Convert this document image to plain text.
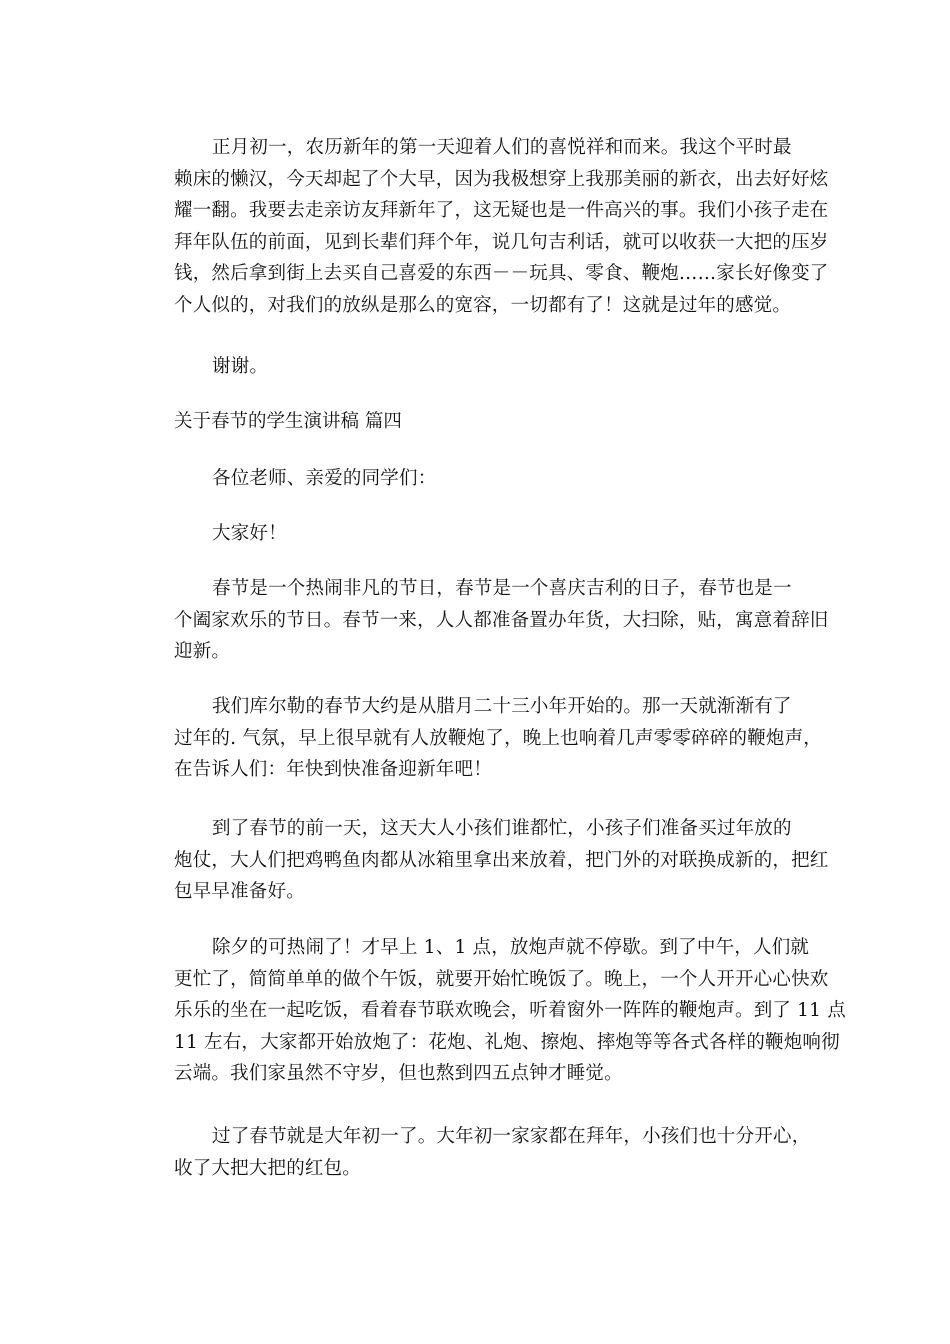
正月初一，农历新年的第一天迎着人们的喜悦祥和而来。我这个平时最
赖床的懒汉，今天却起了个大早，因为我极想穿上我那美丽的新衣，出去好好炫
耀一翻。我要去走亲访友拜新年了，这无疑也是一件高兴的事。我们小孩子走在
拜年队伍的前面，见到长辈们拜个年，说几句吉利话，就可以收获一大把的压岁
钱，然后拿到街上去买自己喜爱的东西－－玩具、零食、鞭炮……家长好像变了
个人似的，对我们的放纵是那么的宽容，一切都有了！这就是过年的感觉。
谢谢。
关于春节的学生演讲稿 篇四
各位老师、亲爱的同学们：
大家好！
春节是一个热闹非凡的节日，春节是一个喜庆吉利的日子，春节也是一
个阖家欢乐的节日。春节一来，人人都准备置办年货，大扫除，贴，寓意着辞旧
迎新。
我们库尔勒的春节大约是从腊月二十三小年开始的。那一天就渐渐有了
过年的. 气氛，早上很早就有人放鞭炮了，晚上也响着几声零零碎碎的鞭炮声，
在告诉人们：年快到快准备迎新年吧！
到了春节的前一天，这天大人小孩们谁都忙，小孩子们准备买过年放的
炮仗，大人们把鸡鸭鱼肉都从冰箱里拿出来放着，把门外的对联换成新的，把红
包早早准备好。
除夕的可热闹了！才早上 1、1 点，放炮声就不停歇。到了中午，人们就
更忙了，简简单单的做个午饭，就要开始忙晚饭了。晚上，一个人开开心心快欢
乐乐的坐在一起吃饭，看着春节联欢晚会，听着窗外一阵阵的鞭炮声。到了 11 点
11 左右，大家都开始放炮了：花炮、礼炮、擦炮、摔炮等等各式各样的鞭炮响彻
云端。我们家虽然不守岁，但也熬到四五点钟才睡觉。
过了春节就是大年初一了。大年初一家家都在拜年，小孩们也十分开心，
收了大把大把的红包。
